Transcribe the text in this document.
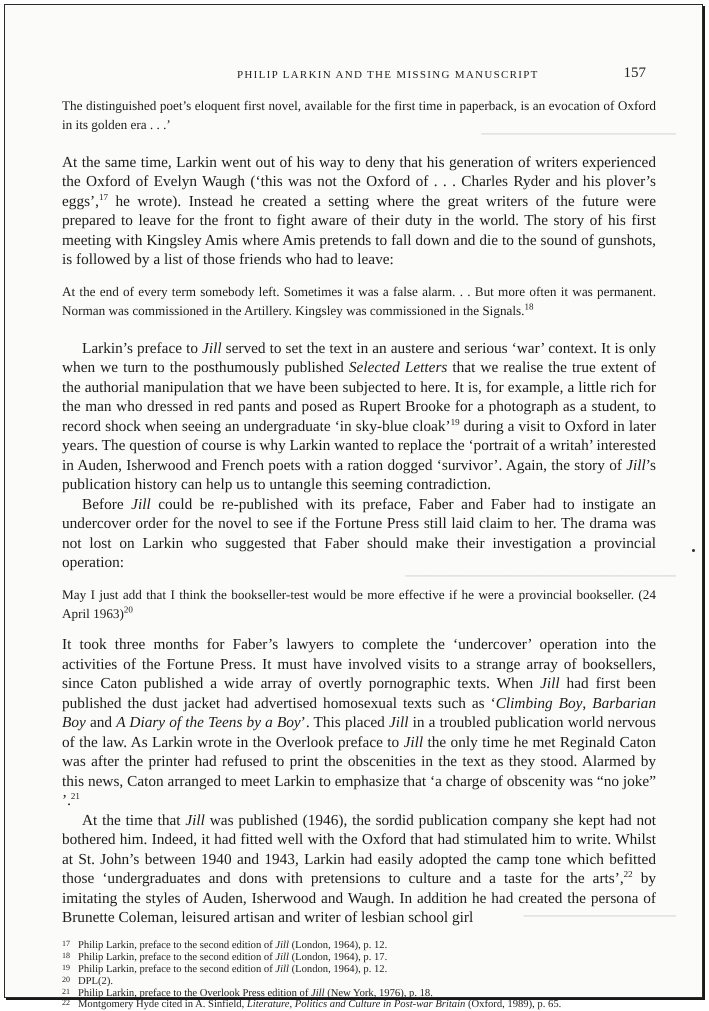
▁▁▁▁▁▁▁▁▁▁▁▁▁▁▁▁▁▁▁▁▁▁▁
▁▁▁▁▁▁▁▁▁▁▁▁▁▁▁▁▁▁▁▁▁▁▁▁▁▁▁▁▁▁▁▁
▁▁▁▁▁▁▁▁▁▁▁▁▁▁▁▁▁▁
PHILIP LARKIN AND THE MISSING MANUSCRIPT	157

The distinguished poet’s eloquent first novel, available for the first time in paperback, is an evocation of Oxford in its golden era . . .’

At the same time, Larkin went out of his way to deny that his generation of writers experienced the Oxford of Evelyn Waugh (‘this was not the Oxford of . . . Charles Ryder and his plover’s eggs’,$^{17}$ he wrote). Instead he created a setting where the great writers of the future were prepared to leave for the front to fight aware of their duty in the world. The story of his first meeting with Kingsley Amis where Amis pretends to fall down and die to the sound of gunshots, is followed by a list of those friends who had to leave:

At the end of every term somebody left. Sometimes it was a false alarm. . . But more often it was permanent. Norman was commissioned in the Artillery. Kingsley was commissioned in the Signals.$^{18}$

Larkin’s preface to Jill served to set the text in an austere and serious ‘war’ context. It is only when we turn to the posthumously published Selected Letters that we realise the true extent of the authorial manipulation that we have been subjected to here. It is, for example, a little rich for the man who dressed in red pants and posed as Rupert Brooke for a photograph as a student, to record shock when seeing an undergraduate ‘in sky-blue cloak’$^{19}$ during a visit to Oxford in later years. The question of course is why Larkin wanted to replace the ‘portrait of a writah’ interested in Auden, Isherwood and French poets with a ration dogged ‘survivor’. Again, the story of Jill’s publication history can help us to untangle this seeming contradiction.

Before Jill could be re-published with its preface, Faber and Faber had to instigate an undercover order for the novel to see if the Fortune Press still laid claim to her. The drama was not lost on Larkin who suggested that Faber should make their investigation a provincial operation:

May I just add that I think the bookseller-test would be more effective if he were a provincial bookseller. (24 April 1963)$^{20}$

It took three months for Faber’s lawyers to complete the ‘undercover’ operation into the activities of the Fortune Press. It must have involved visits to a strange array of booksellers, since Caton published a wide array of overtly pornographic texts. When Jill had first been published the dust jacket had advertised homosexual texts such as ‘Climbing Boy, Barbarian Boy and A Diary of the Teens by a Boy’. This placed Jill in a troubled publication world nervous of the law. As Larkin wrote in the Overlook preface to Jill the only time he met Reginald Caton was after the printer had refused to print the obscenities in the text as they stood. Alarmed by this news, Caton arranged to meet Larkin to emphasize that ‘a charge of obscenity was “no joke” ’.$^{21}$

At the time that Jill was published (1946), the sordid publication company she kept had not bothered him. Indeed, it had fitted well with the Oxford that had stimulated him to write. Whilst at St. John’s between 1940 and 1943, Larkin had easily adopted the camp tone which befitted those ‘undergraduates and dons with pretensions to culture and a taste for the arts’,$^{22}$ by imitating the styles of Auden, Isherwood and Waugh. In addition he had created the persona of Brunette Coleman, leisured artisan and writer of lesbian school girl

17 Philip Larkin, preface to the second edition of Jill (London, 1964), p. 12.
18 Philip Larkin, preface to the second edition of Jill (London, 1964), p. 17.
19 Philip Larkin, preface to the second edition of Jill (London, 1964), p. 12.
20 DPL(2).
21 Philip Larkin, preface to the Overlook Press edition of Jill (New York, 1976), p. 18.
22 Montgomery Hyde cited in A. Sinfield, Literature, Politics and Culture in Post-war Britain (Oxford, 1989), p. 65.
